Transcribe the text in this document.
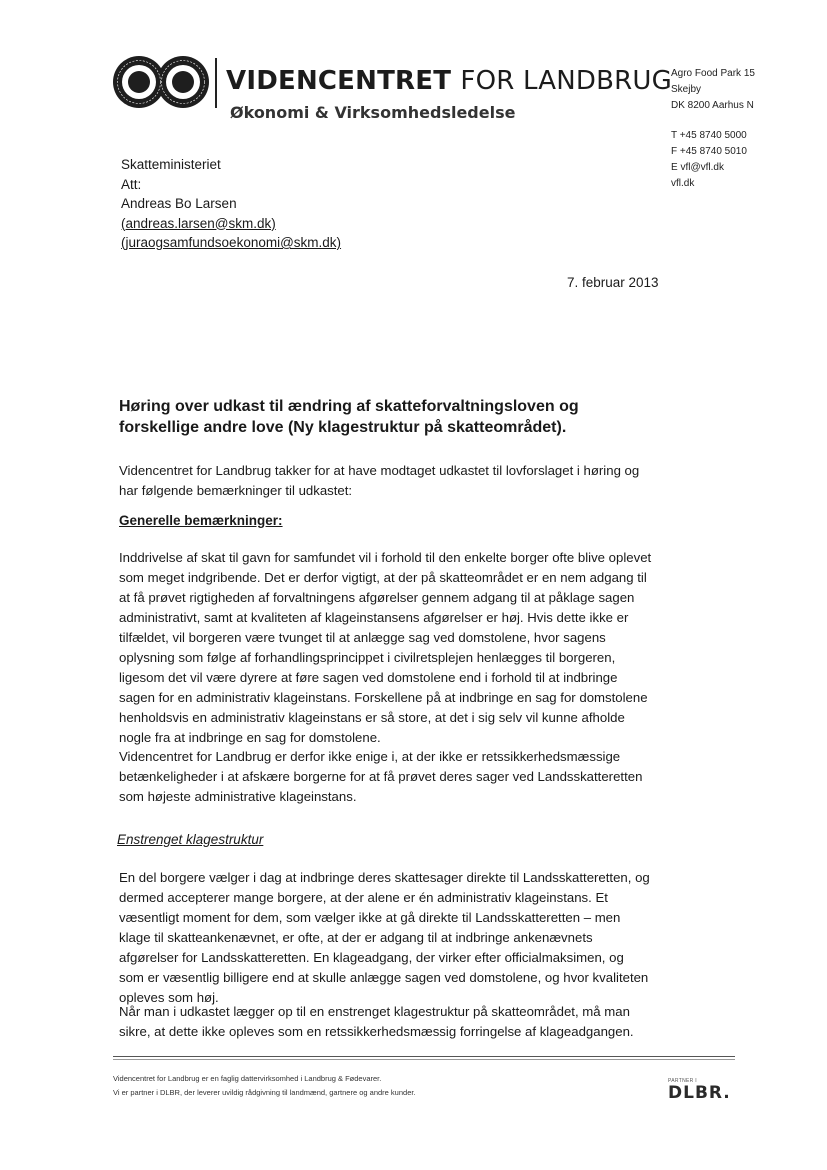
VIDENCENTRET FOR LANDBRUG
Økonomi & Virksomhedsledelse
Agro Food Park 15
Skejby
DK 8200 Aarhus N
T +45 8740 5000
F +45 8740 5010
E vfl@vfl.dk
vfl.dk
Skatteministeriet
Att:
Andreas Bo Larsen
(andreas.larsen@skm.dk)
(juraogsamfundsoekonomi@skm.dk)
7. februar 2013
Høring over udkast til ændring af skatteforvaltningsloven og forskellige andre love (Ny klagestruktur på skatteområdet).
Videncentret for Landbrug takker for at have modtaget udkastet til lovforslaget i høring og har følgende bemærkninger til udkastet:
Generelle bemærkninger:
Inddrivelse af skat til gavn for samfundet vil i forhold til den enkelte borger ofte blive oplevet som meget indgribende. Det er derfor vigtigt, at der på skatteområdet er en nem adgang til at få prøvet rigtigheden af forvaltningens afgørelser gennem adgang til at påklage sagen administrativt, samt at kvaliteten af klageinstansens afgørelser er høj. Hvis dette ikke er tilfældet, vil borgeren være tvunget til at anlægge sag ved domstolene, hvor sagens oplysning som følge af forhandlingsprincippet i civilretsplejen henlægges til borgeren, ligesom det vil være dyrere at føre sagen ved domstolene end i forhold til at indbringe sagen for en administrativ klageinstans. Forskellene på at indbringe en sag for domstolene henholdsvis en administrativ klageinstans er så store, at det i sig selv vil kunne afholde nogle fra at indbringe en sag for domstolene.
Videncentret for Landbrug er derfor ikke enige i, at der ikke er retssikkerhedsmæssige betænkeligheder i at afskære borgerne for at få prøvet deres sager ved Landsskatteretten som højeste administrative klageinstans.
Enstrenget klagestruktur
En del borgere vælger i dag at indbringe deres skattesager direkte til Landsskatteretten, og dermed accepterer mange borgere, at der alene er én administrativ klageinstans. Et væsentligt moment for dem, som vælger ikke at gå direkte til Landsskatteretten – men klage til skatteankenævnet, er ofte, at der er adgang til at indbringe ankenævnets afgørelser for Landsskatteretten. En klageadgang, der virker efter officialmaksimen, og som er væsentlig billigere end at skulle anlægge sagen ved domstolene, og hvor kvaliteten opleves som høj.
Når man i udkastet lægger op til en enstrenget klagestruktur på skatteområdet, må man sikre, at dette ikke opleves som en retssikkerhedsmæssig forringelse af klageadgangen.
Videncentret for Landbrug er en faglig dattervirksomhed i Landbrug & Fødevarer.
Vi er partner i DLBR, der leverer uvildig rådgivning til landmænd, gartnere og andre kunder.
PARTNER I
DLBR.
